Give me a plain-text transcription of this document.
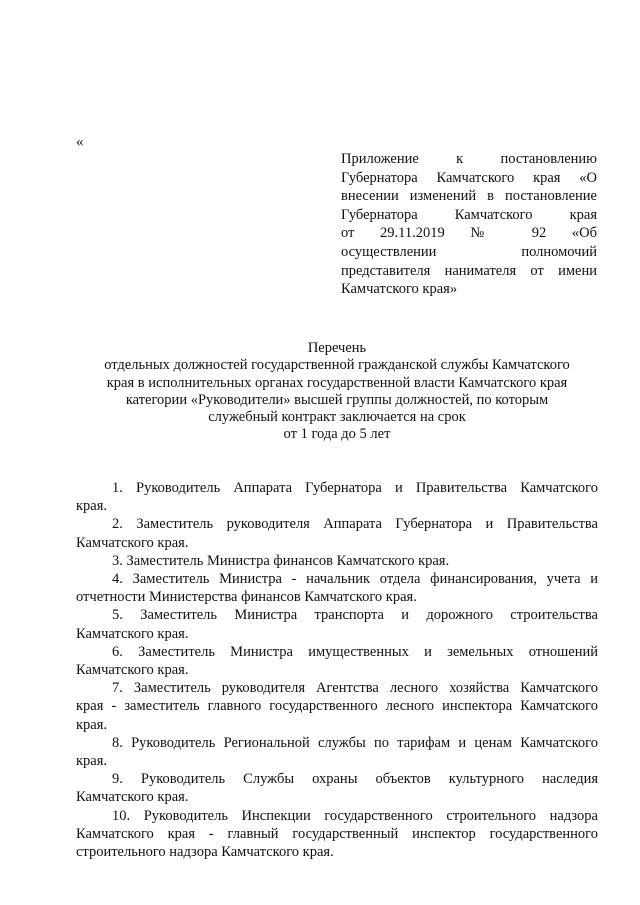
«
Приложение к постановлению
Губернатора Камчатского края «О
внесении изменений в постановление
Губернатора Камчатского края
от 29.11.2019 № 92 «Об
осуществлении полномочий
представителя нанимателя от имени
Камчатского края»
Перечень
отдельных должностей государственной гражданской службы Камчатского
края в исполнительных органах государственной власти Камчатского края
категории «Руководители» высшей группы должностей, по которым
служебный контракт заключается на срок
от 1 года до 5 лет
1. Руководитель Аппарата Губернатора и Правительства Камчатского
края.
2. Заместитель руководителя Аппарата Губернатора и Правительства
Камчатского края.
3. Заместитель Министра финансов Камчатского края.
4. Заместитель Министра - начальник отдела финансирования, учета и
отчетности Министерства финансов Камчатского края.
5. Заместитель Министра транспорта и дорожного строительства
Камчатского края.
6. Заместитель Министра имущественных и земельных отношений
Камчатского края.
7. Заместитель руководителя Агентства лесного хозяйства Камчатского
края - заместитель главного государственного лесного инспектора Камчатского
края.
8. Руководитель Региональной службы по тарифам и ценам Камчатского
края.
9. Руководитель Службы охраны объектов культурного наследия
Камчатского края.
10. Руководитель Инспекции государственного строительного надзора
Камчатского края - главный государственный инспектор государственного
строительного надзора Камчатского края.
